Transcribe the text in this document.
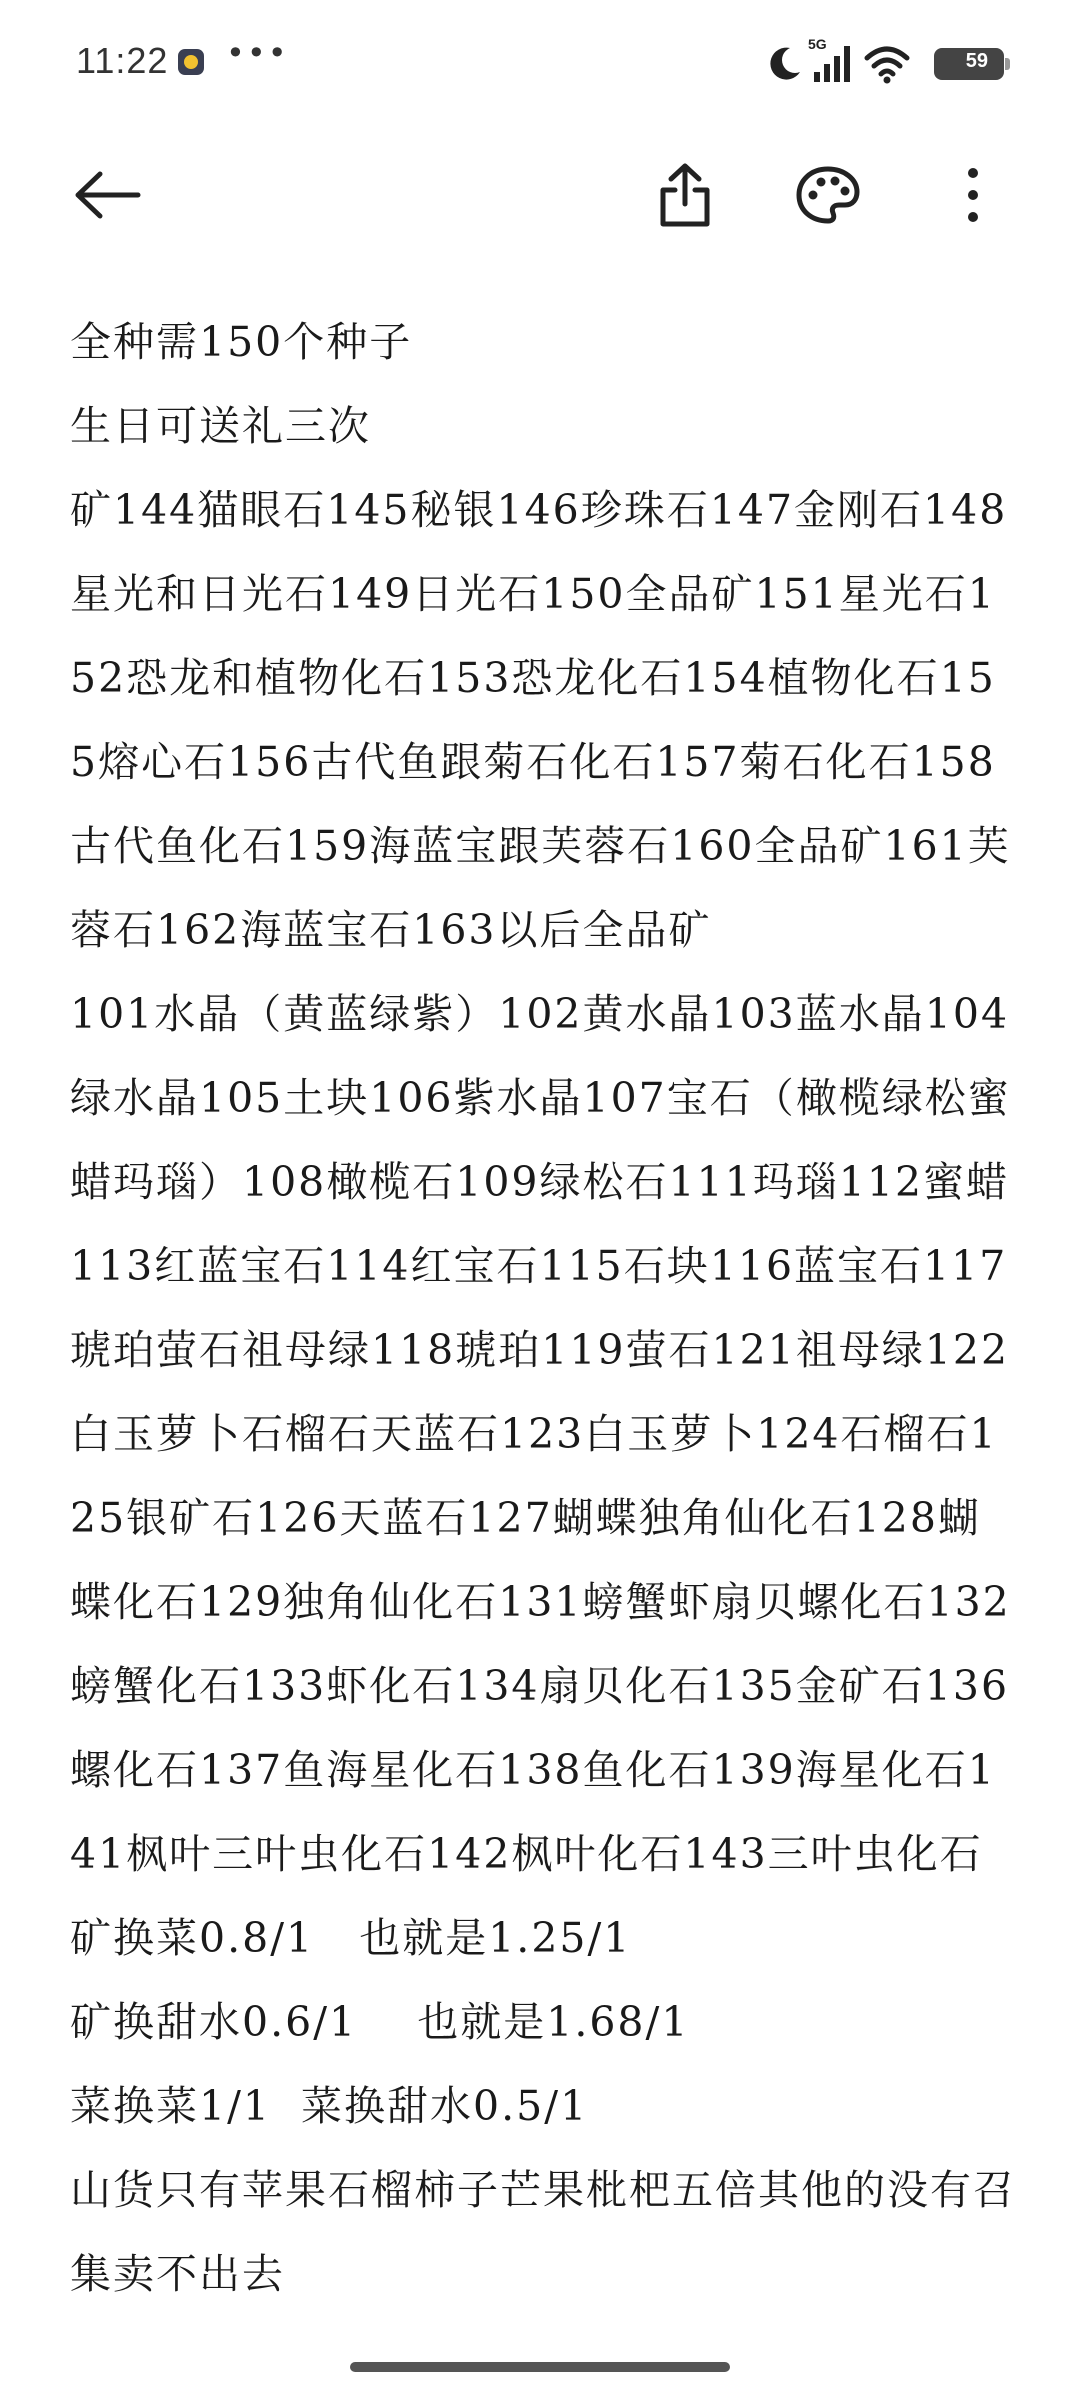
11:22 •••	5G
59
全种需150个种子
生日可送礼三次
矿144猫眼石145秘银146珍珠石147金刚石148星光和日光石149日光石150全品矿151星光石152恐龙和植物化石153恐龙化石154植物化石155熔心石156古代鱼跟菊石化石157菊石化石158古代鱼化石159海蓝宝跟芙蓉石160全品矿161芙蓉石162海蓝宝石163以后全品矿
101水晶（黄蓝绿紫）102黄水晶103蓝水晶104绿水晶105土块106紫水晶107宝石（橄榄绿松蜜蜡玛瑙）108橄榄石109绿松石111玛瑙112蜜蜡113红蓝宝石114红宝石115石块116蓝宝石117琥珀萤石祖母绿118琥珀119萤石121祖母绿122白玉萝卜石榴石天蓝石123白玉萝卜124石榴石125银矿石126天蓝石127蝴蝶独角仙化石128蝴蝶化石129独角仙化石131螃蟹虾扇贝螺化石132螃蟹化石133虾化石134扇贝化石135金矿石136螺化石137鱼海星化石138鱼化石139海星化石141枫叶三叶虫化石142枫叶化石143三叶虫化石
矿换菜0.8/1   也就是1.25/1
矿换甜水0.6/1    也就是1.68/1
菜换菜1/1  菜换甜水0.5/1
山货只有苹果石榴柿子芒果枇杷五倍其他的没有召集卖不出去
